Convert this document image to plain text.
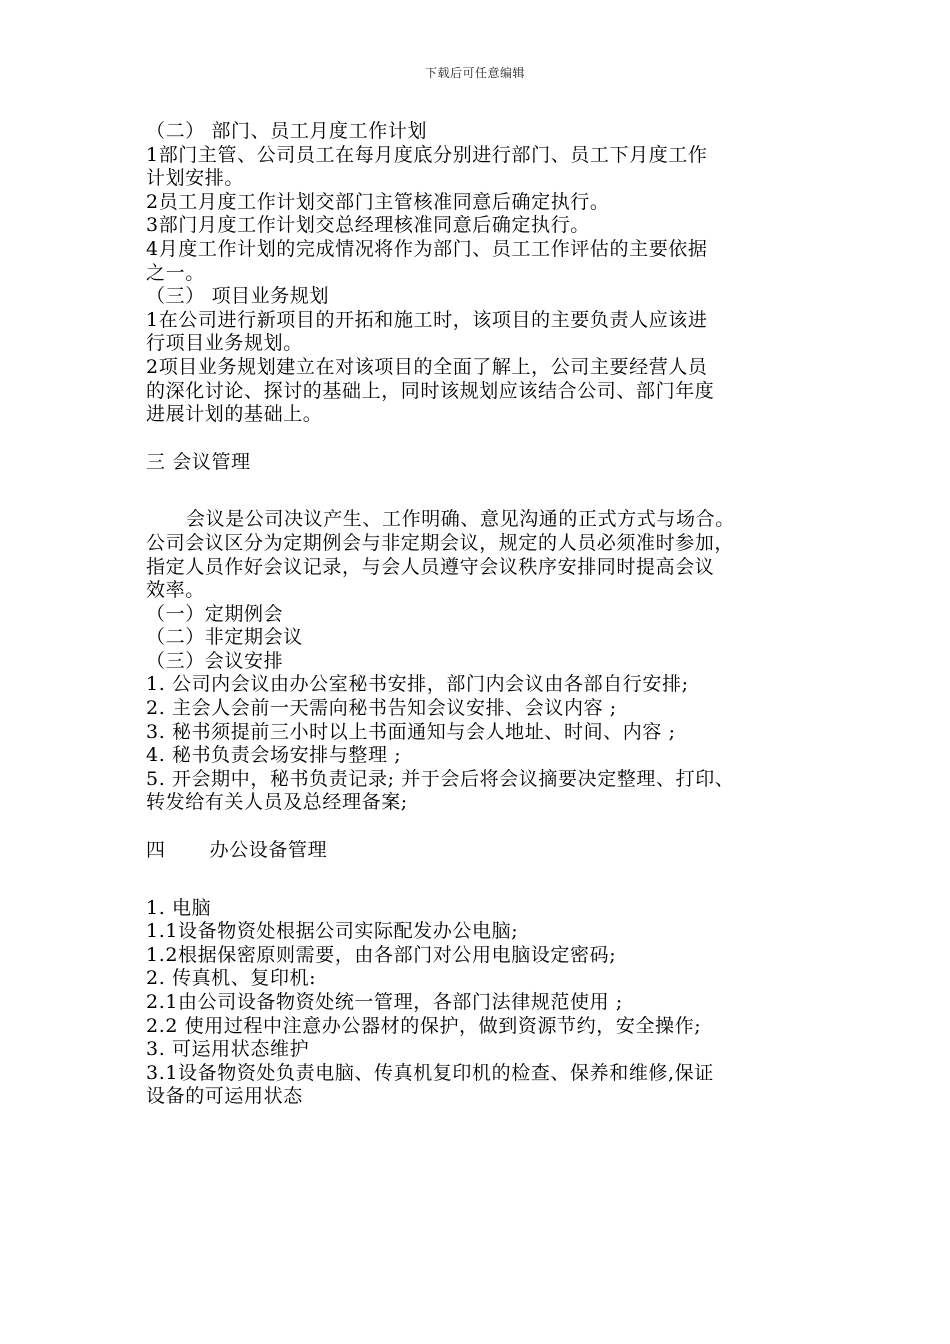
下载后可任意编辑
（二） 部门、员工月度工作计划
1部门主管、公司员工在每月度底分别进行部门、员工下月度工作
计划安排。
2员工月度工作计划交部门主管核准同意后确定执行。
3部门月度工作计划交总经理核准同意后确定执行。
4月度工作计划的完成情况将作为部门、员工工作评估的主要依据
之一。
（三） 项目业务规划
1在公司进行新项目的开拓和施工时，该项目的主要负责人应该进
行项目业务规划。
2项目业务规划建立在对该项目的全面了解上，公司主要经营人员
的深化讨论、探讨的基础上，同时该规划应该结合公司、部门年度
进展计划的基础上。
三 会议管理
会议是公司决议产生、工作明确、意见沟通的正式方式与场合。
公司会议区分为定期例会与非定期会议，规定的人员必须准时参加，
指定人员作好会议记录，与会人员遵守会议秩序安排同时提高会议
效率。
（一）定期例会
（二）非定期会议
（三）会议安排
1. 公司内会议由办公室秘书安排，部门内会议由各部自行安排;
2. 主会人会前一天需向秘书告知会议安排、会议内容 ;
3. 秘书须提前三小时以上书面通知与会人地址、时间、内容 ;
4. 秘书负责会场安排与整理 ;
5. 开会期中，秘书负责记录; 并于会后将会议摘要决定整理、打印、
转发给有关人员及总经理备案;
四 办公设备管理
1. 电脑
1.1设备物资处根据公司实际配发办公电脑;
1.2根据保密原则需要，由各部门对公用电脑设定密码;
2. 传真机、复印机:
2.1由公司设备物资处统一管理，各部门法律规范使用 ;
2.2 使用过程中注意办公器材的保护，做到资源节约，安全操作;
3. 可运用状态维护
3.1设备物资处负责电脑、传真机复印机的检查、保养和维修,保证
设备的可运用状态
